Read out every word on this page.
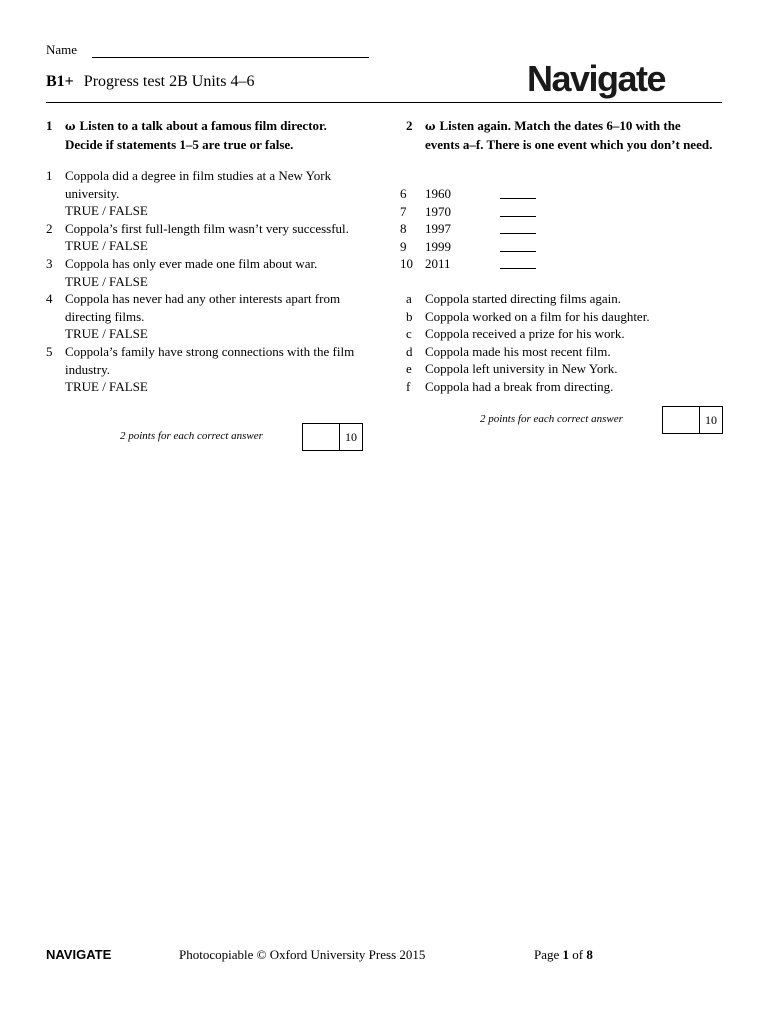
Name
B1+ Progress test 2B Units 4–6	Navigate
1 ω Listen to a talk about a famous film director. Decide if statements 1–5 are true or false.
1 Coppola did a degree in film studies at a New York university.
TRUE / FALSE
2 Coppola’s first full-length film wasn’t very successful.
TRUE / FALSE
3 Coppola has only ever made one film about war.
TRUE / FALSE
4 Coppola has never had any other interests apart from directing films.
TRUE / FALSE
5 Coppola’s family have strong connections with the film industry.
TRUE / FALSE
2 points for each correct answer	10
2 ω Listen again. Match the dates 6–10 with the events a–f. There is one event which you don’t need.
6	1960
7	1970
8	1997
9	1999
10 2011
a	Coppola started directing films again.
b Coppola worked on a film for his daughter.
c	Coppola received a prize for his work.
d Coppola made his most recent film.
e	Coppola left university in New York.
f	Coppola had a break from directing.
2 points for each correct answer	10
NAVIGATE	Photocopiable © Oxford University Press 2015	Page 1 of 8
